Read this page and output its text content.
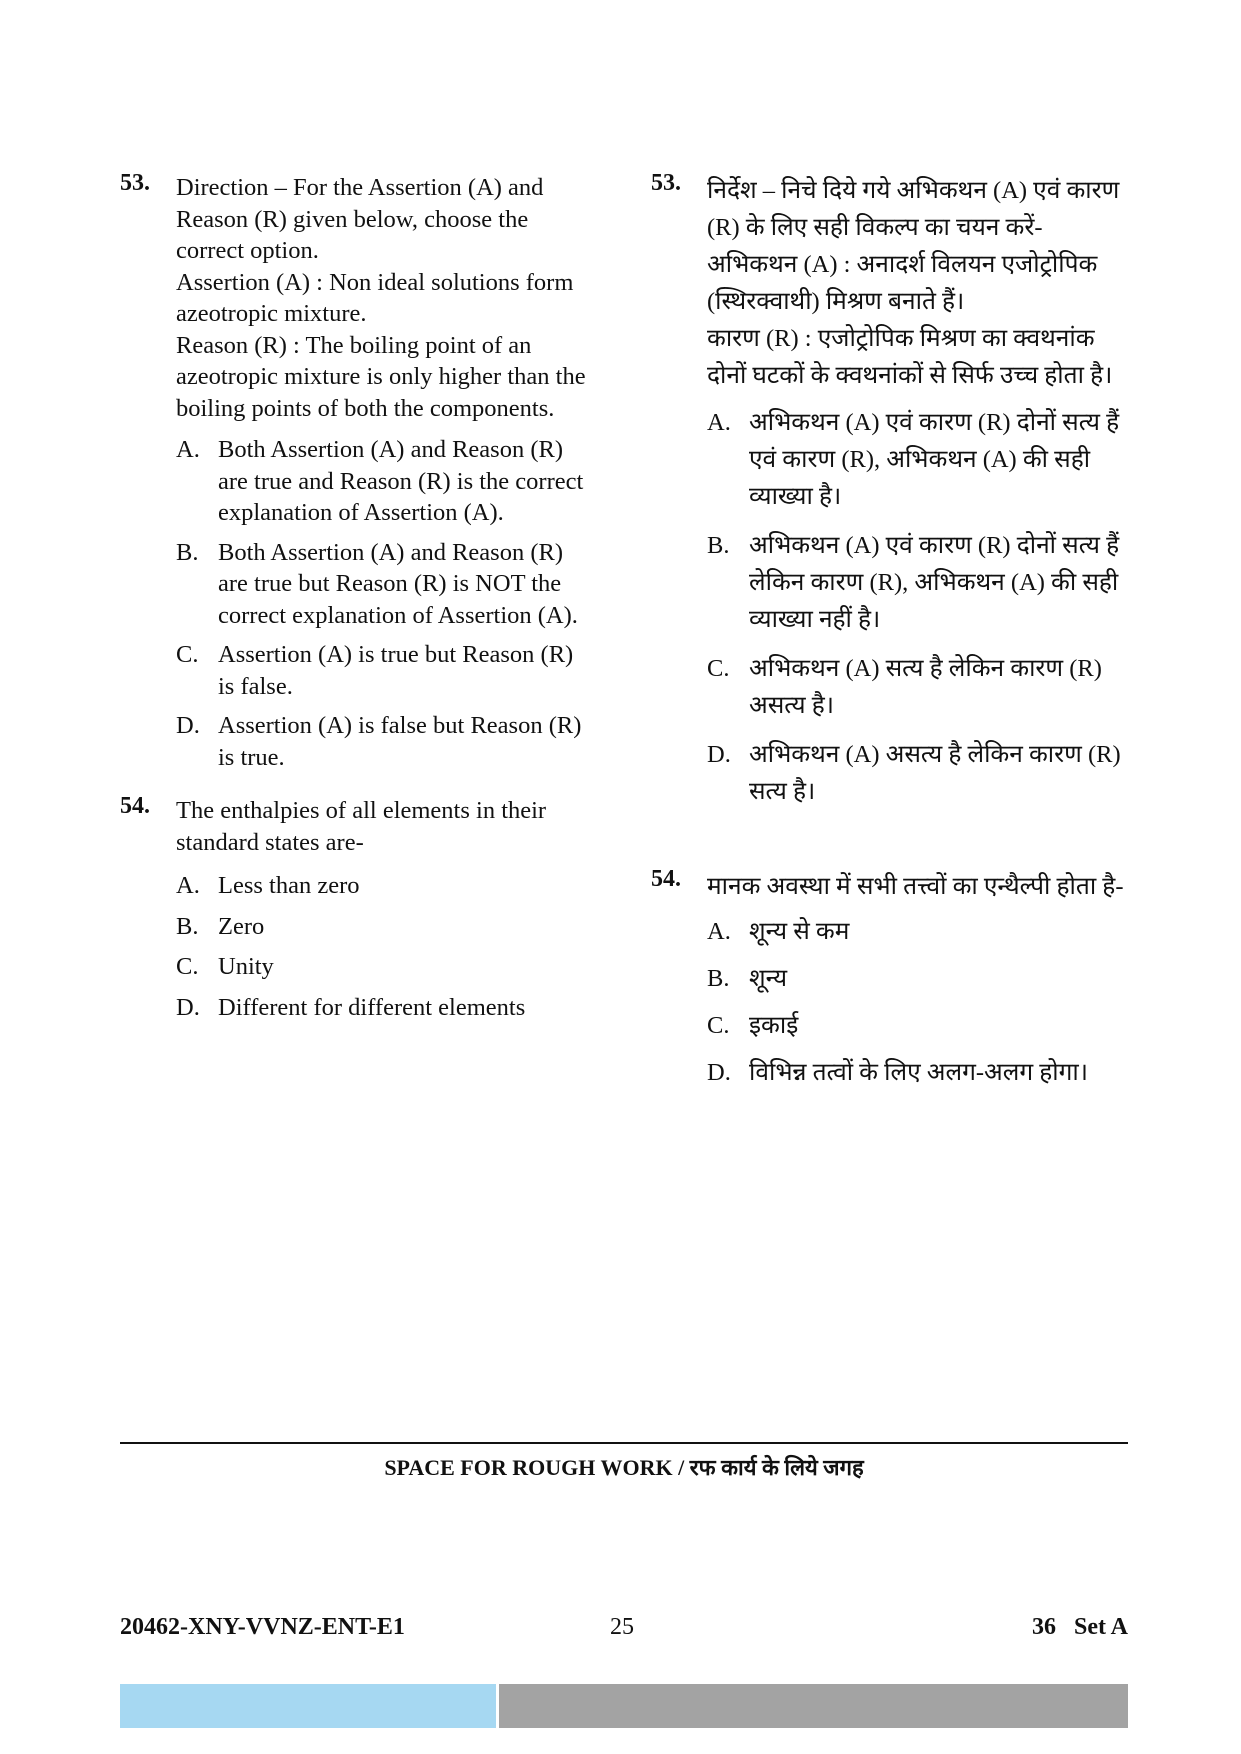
53. Direction – For the Assertion (A) and Reason (R) given below, choose the correct option.

Assertion (A) : Non ideal solutions form azeotropic mixture.

Reason (R) : The boiling point of an azeotropic mixture is only higher than the boiling points of both the components.

A. Both Assertion (A) and Reason (R) are true and Reason (R) is the correct explanation of Assertion (A).
B. Both Assertion (A) and Reason (R) are true but Reason (R) is NOT the correct explanation of Assertion (A).
C. Assertion (A) is true but Reason (R) is false.
D. Assertion (A) is false but Reason (R) is true.
54. The enthalpies of all elements in their standard states are-

A. Less than zero
B. Zero
C. Unity
D. Different for different elements
53. निर्देश – निचे दिये गये अभिकथन (A) एवं कारण (R) के लिए सही विकल्प का चयन करें-

अभिकथन (A) : अनादर्श विलयन एजोट्रोपिक (स्थिरक्वाथी) मिश्रण बनाते हैं।

कारण (R) : एजोट्रोपिक मिश्रण का क्वथनांक दोनों घटकों के क्वथनांकों से सिर्फ उच्च होता है।

A. अभिकथन (A) एवं कारण (R) दोनों सत्य हैं एवं कारण (R), अभिकथन (A) की सही व्याख्या है।
B. अभिकथन (A) एवं कारण (R) दोनों सत्य हैं लेकिन कारण (R), अभिकथन (A) की सही व्याख्या नहीं है।
C. अभिकथन (A) सत्य है लेकिन कारण (R) असत्य है।
D. अभिकथन (A) असत्य है लेकिन कारण (R) सत्य है।
54. मानक अवस्था में सभी तत्त्वों का एन्थैल्पी होता है-

A. शून्य से कम
B. शून्य
C. इकाई
D. विभिन्न तत्वों के लिए अलग-अलग होगा।
SPACE FOR ROUGH WORK / रफ कार्य के लिये जगह
20462-XNY-VVNZ-ENT-E1	25	36   Set A
